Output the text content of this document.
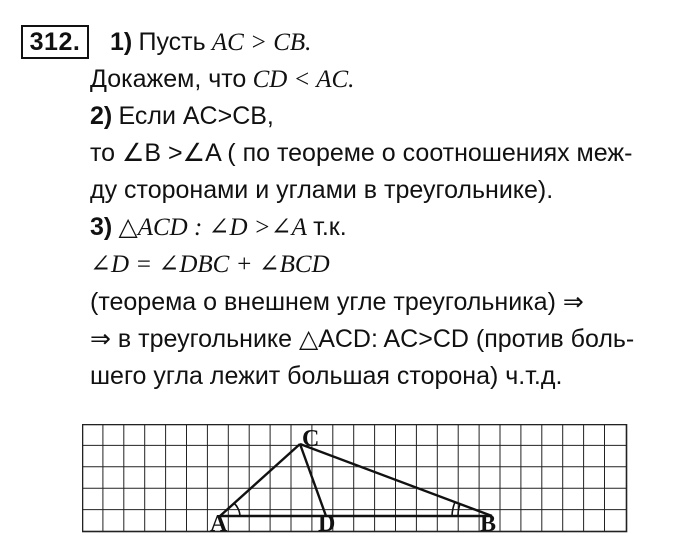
312. 1) Пусть AC > CB.
Докажем, что CD < AC.
2) Если AC>CB,
то ∠B >∠A ( по теореме о соотношениях меж-
ду сторонами и углами в треугольнике).
3) △ACD : ∠D >∠A т.к.
∠D = ∠DBC + ∠BCD
(теорема о внешнем угле треугольника) ⇒
⇒ в треугольнике △ACD: AC>CD (против боль-
шего угла лежит большая сторона) ч.т.д.
A	B
C
D
